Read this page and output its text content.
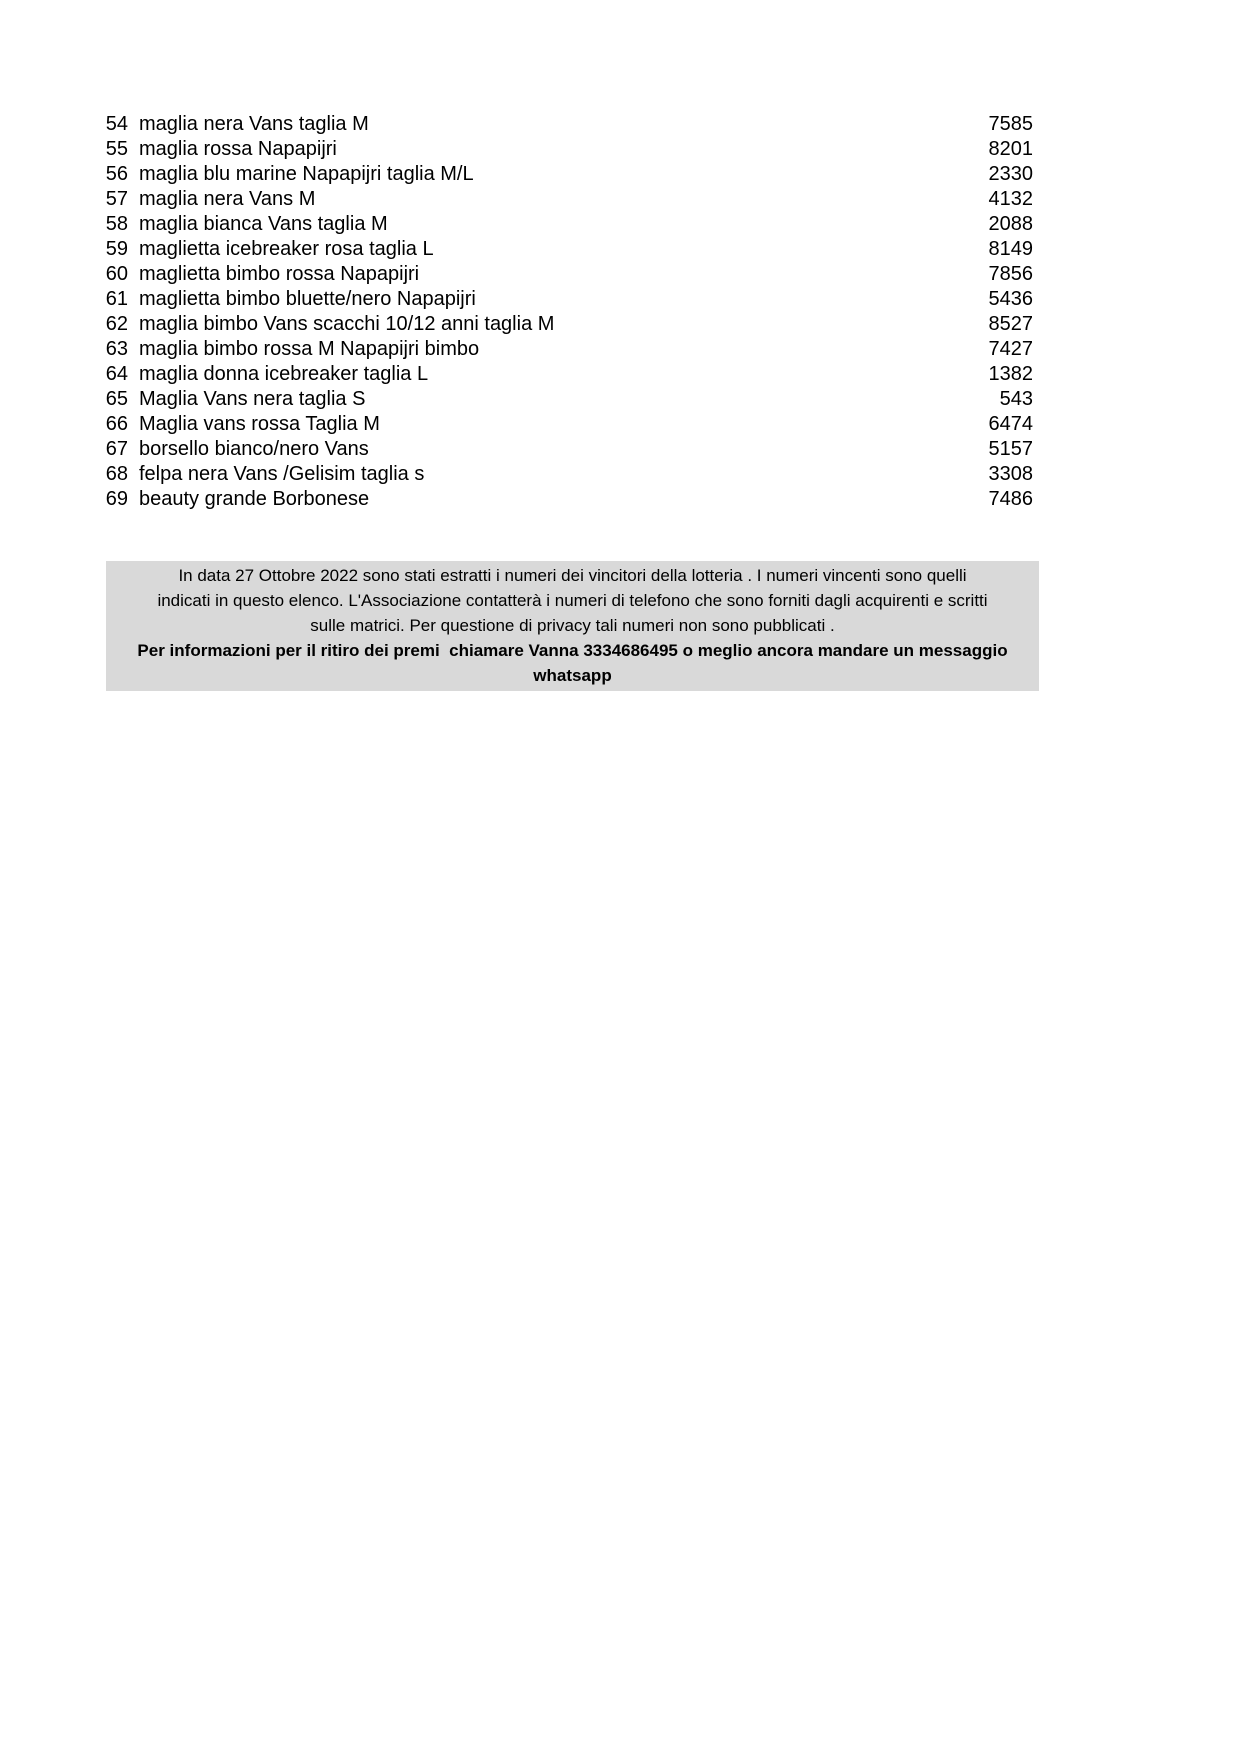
54 maglia nera Vans taglia M	7585
55 maglia rossa Napapijri	8201
56 maglia blu marine Napapijri taglia M/L	2330
57 maglia nera Vans M	4132
58 maglia bianca Vans taglia M	2088
59 maglietta icebreaker rosa taglia L	8149
60 maglietta bimbo rossa Napapijri	7856
61 maglietta bimbo bluette/nero Napapijri	5436
62 maglia bimbo Vans scacchi 10/12 anni taglia M	8527
63 maglia bimbo rossa M Napapijri bimbo	7427
64 maglia donna icebreaker taglia L	1382
65 Maglia Vans nera taglia S	543
66 Maglia vans rossa Taglia M	6474
67 borsello bianco/nero Vans	5157
68 felpa nera Vans /Gelisim taglia s	3308
69 beauty grande Borbonese	7486
In data 27 Ottobre 2022 sono stati estratti i numeri dei vincitori della lotteria . I numeri vincenti sono quelli
indicati in questo elenco. L'Associazione contatterà i numeri di telefono che sono forniti dagli acquirenti e scritti
sulle matrici. Per questione di privacy tali numeri non sono pubblicati .
Per informazioni per il ritiro dei premi  chiamare Vanna 3334686495 o meglio ancora mandare un messaggio
whatsapp
